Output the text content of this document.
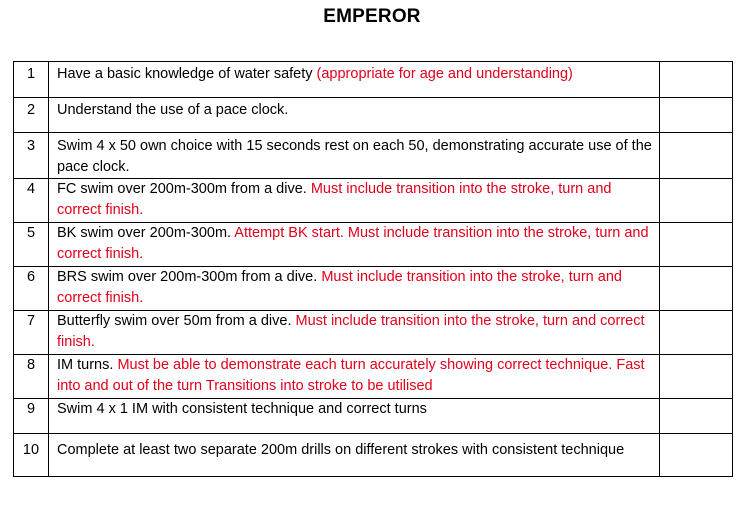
EMPEROR
1	Have a basic knowledge of water safety (appropriate for age and understanding)	

2	Understand the use of a pace clock.	

3	Swim 4 x 50 own choice with 15 seconds rest on each 50, demonstrating accurate use of the pace clock.	

4	FC swim over 200m-300m from a dive. Must include transition into the stroke, turn and correct finish.	

5	BK swim over 200m-300m. Attempt BK start. Must include transition into the stroke, turn and correct finish.	

6	BRS swim over 200m-300m from a dive. Must include transition into the stroke, turn and correct finish.	

7	Butterfly swim over 50m from a dive. Must include transition into the stroke, turn and correct finish.	

8	IM turns. Must be able to demonstrate each turn accurately showing correct technique. Fast into and out of the turn Transitions into stroke to be utilised	

9	Swim 4 x 1 IM with consistent technique and correct turns	

10	Complete at least two separate 200m drills on different strokes with consistent technique	
